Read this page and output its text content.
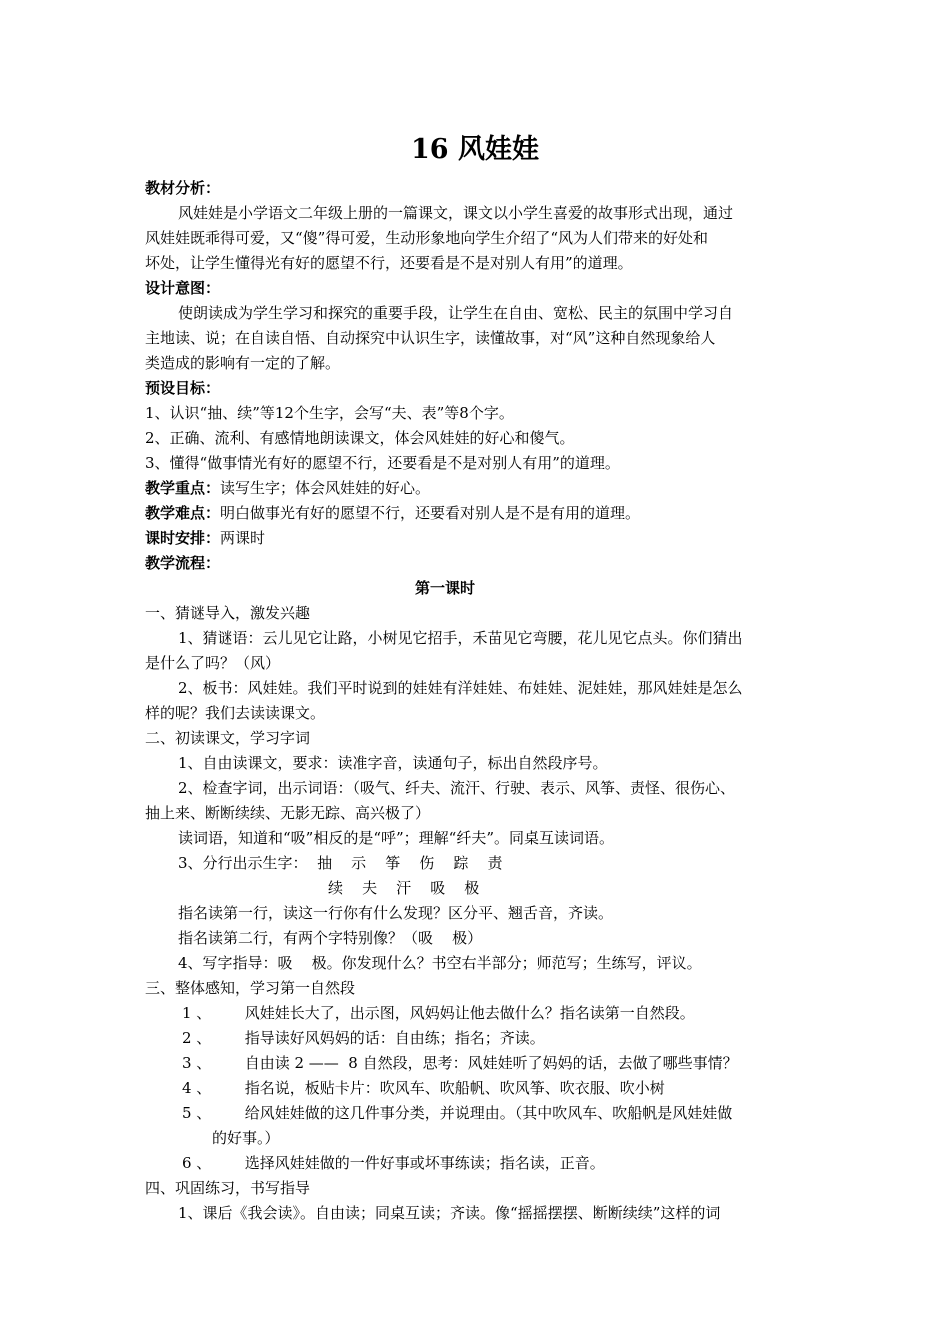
16 风娃娃
教材分析：
风娃娃是小学语文二年级上册的一篇课文，课文以小学生喜爱的故事形式出现，通过
风娃娃既乖得可爱，又“傻”得可爱，生动形象地向学生介绍了“风为人们带来的好处和
坏处，让学生懂得光有好的愿望不行，还要看是不是对别人有用”的道理。
设计意图：
使朗读成为学生学习和探究的重要手段，让学生在自由、宽松、民主的氛围中学习自
主地读、说；在自读自悟、自动探究中认识生字，读懂故事，对“风”这种自然现象给人
类造成的影响有一定的了解。
预设目标：
1、认识“抽、续”等12个生字，会写“夫、表”等8个字。
2、正确、流利、有感情地朗读课文，体会风娃娃的好心和傻气。
3、懂得“做事情光有好的愿望不行，还要看是不是对别人有用”的道理。
教学重点：读写生字；体会风娃娃的好心。
教学难点：明白做事光有好的愿望不行，还要看对别人是不是有用的道理。
课时安排：两课时
教学流程：
第一课时
一、猜谜导入，激发兴趣
1、猜谜语：云儿见它让路，小树见它招手，禾苗见它弯腰，花儿见它点头。你们猜出
是什么了吗？（风）
2、板书：风娃娃。我们平时说到的娃娃有洋娃娃、布娃娃、泥娃娃，那风娃娃是怎么
样的呢？我们去读读课文。
二、初读课文，学习字词
1、自由读课文，要求：读准字音，读通句子，标出自然段序号。
2、检查字词，出示词语：（吸气、纤夫、流汗、行驶、表示、风筝、责怪、很伤心、
抽上来、断断续续、无影无踪、高兴极了）
读词语，知道和“吸”相反的是“呼”；理解“纤夫”。同桌互读词语。
3、分行出示生字：  抽    示    筝    伤    踪    责
续    夫    汗    吸    极
指名读第一行，读这一行你有什么发现？区分平、翘舌音，齐读。
指名读第二行，有两个字特别像？（吸    极）
4、写字指导：吸    极。你发现什么？书空右半部分；师范写；生练写，评议。
三、整体感知，学习第一自然段
1 、       风娃娃长大了，出示图，风妈妈让他去做什么？指名读第一自然段。
2 、       指导读好风妈妈的话：自由练；指名；齐读。
3 、       自由读 2 ——  8 自然段，思考：风娃娃听了妈妈的话，去做了哪些事情？
4 、       指名说，板贴卡片：吹风车、吹船帆、吹风筝、吹衣服、吹小树
5 、       给风娃娃做的这几件事分类，并说理由。（其中吹风车、吹船帆是风娃娃做
的好事。）
6 、       选择风娃娃做的一件好事或坏事练读；指名读，正音。
四、巩固练习，书写指导
1、课后《我会读》。自由读；同桌互读；齐读。像“摇摇摆摆、断断续续”这样的词
